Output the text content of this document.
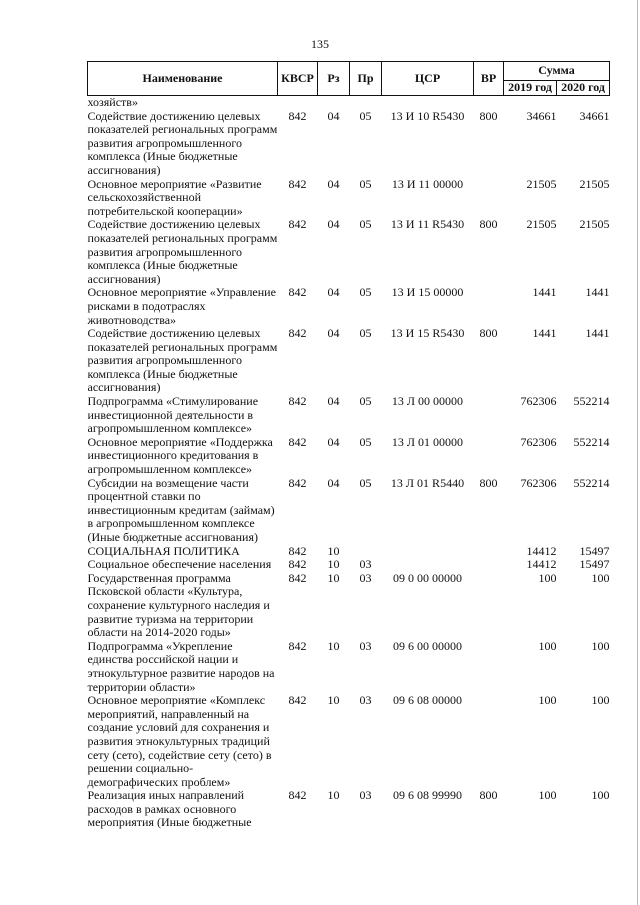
135
Наименование	КВСР	Рз	Пр	ЦСР	ВР	Сумма	
						2019 год	2020 год
хозяйств»							
Содействие достижению целевых показателей региональных программ развития агропромышленного комплекса (Иные бюджетные ассигнования)	842	04	05	13 И 10 R5430	800	34661	34661
Основное мероприятие «Развитие сельскохозяйственной потребительской кооперации»	842	04	05	13 И 11 00000		21505	21505
Содействие достижению целевых показателей региональных программ развития агропромышленного комплекса (Иные бюджетные ассигнования)	842	04	05	13 И 11 R5430	800	21505	21505
Основное мероприятие «Управление рисками в подотраслях животноводства»	842	04	05	13 И 15 00000		1441	1441
Содействие достижению целевых показателей региональных программ развития агропромышленного комплекса (Иные бюджетные ассигнования)	842	04	05	13 И 15 R5430	800	1441	1441
Подпрограмма «Стимулирование инвестиционной деятельности в агропромышленном комплексе»	842	04	05	13 Л 00 00000		762306	552214
Основное мероприятие «Поддержка инвестиционного кредитования в агропромышленном комплексе»	842	04	05	13 Л 01 00000		762306	552214
Субсидии на возмещение части процентной ставки по инвестиционным кредитам (займам) в агропромышленном комплексе (Иные бюджетные ассигнования)	842	04	05	13 Л 01 R5440	800	762306	552214
СОЦИАЛЬНАЯ ПОЛИТИКА	842	10				14412	15497
Социальное обеспечение населения	842	10	03			14412	15497
Государственная программа Псковской области «Культура, сохранение культурного наследия и развитие туризма на территории области на 2014-2020 годы»	842	10	03	09 0 00 00000		100	100
Подпрограмма «Укрепление единства российской нации и этнокультурное развитие народов на территории области»	842	10	03	09 6 00 00000		100	100
Основное мероприятие «Комплекс мероприятий, направленный на создание условий для сохранения и развития этнокультурных традиций сету (сето), содействие сету (сето) в решении социально-демографических проблем»	842	10	03	09 6 08 00000		100	100
Реализация иных направлений расходов в рамках основного мероприятия (Иные бюджетные	842	10	03	09 6 08 99990	800	100	100
